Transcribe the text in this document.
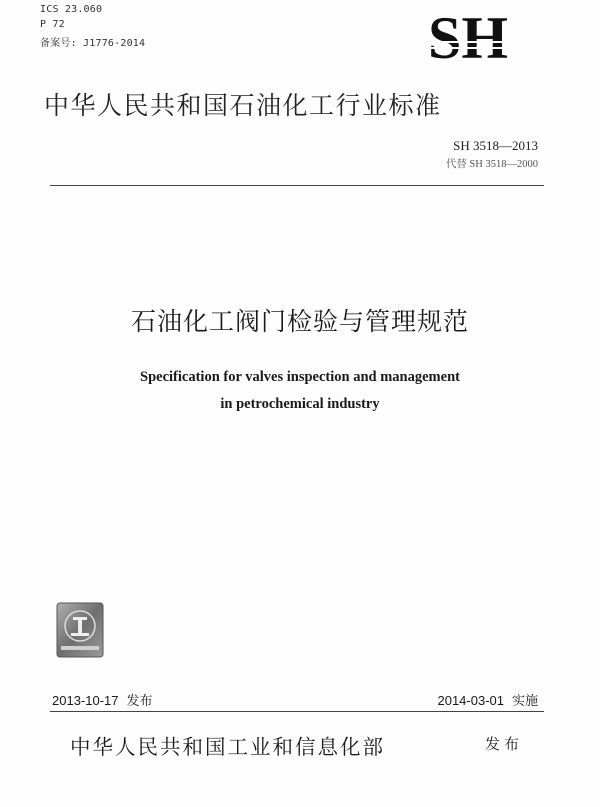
ICS 23.060
P 72
备案号: J1776-2014	SH
中华人民共和国石油化工行业标准
SH 3518—2013
代替 SH 3518—2000
石油化工阀门检验与管理规范
Specification for valves inspection and management
in petrochemical industry
2013-10-17 发布	2014-03-01 实施
中华人民共和国工业和信息化部	发布
